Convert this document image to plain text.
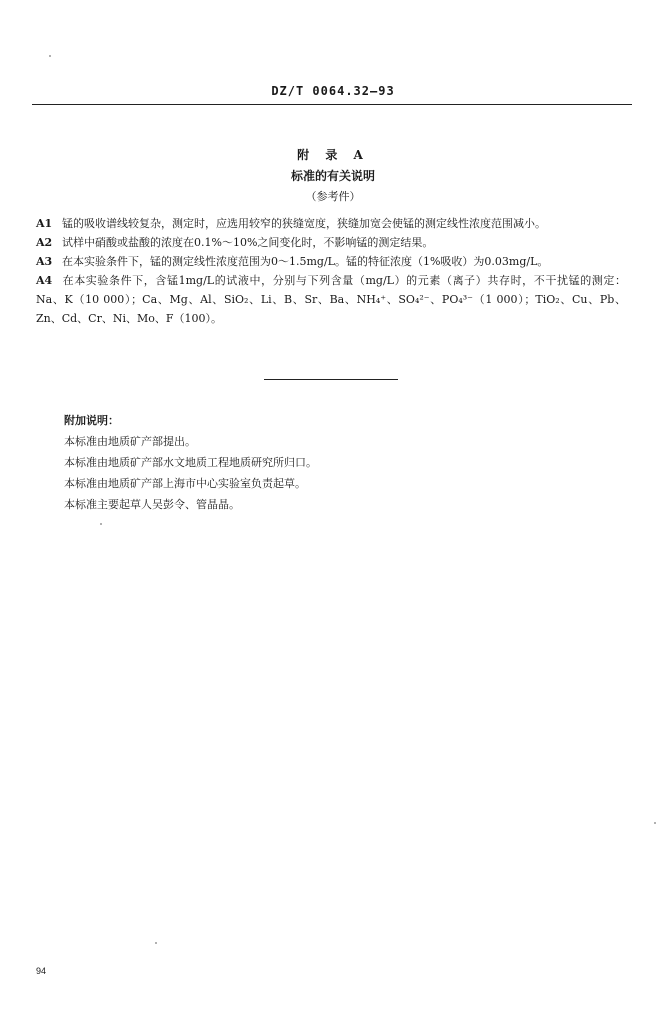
DZ/T 0064.32—93

附 录 A

标准的有关说明

（参考件）

A1 锰的吸收谱线较复杂，测定时，应选用较窄的狭缝宽度，狭缝加宽会使锰的测定线性浓度范围减小。

A2 试样中硝酸或盐酸的浓度在0.1%～10%之间变化时，不影响锰的测定结果。

A3 在本实验条件下，锰的测定线性浓度范围为0～1.5mg/L。锰的特征浓度（1%吸收）为0.03mg/L。

A4 在本实验条件下，含锰1mg/L的试液中，分别与下列含量（mg/L）的元素（离子）共存时，不干扰锰的测定：Na、K（10 000）；Ca、Mg、Al、SiO₂、Li、B、Sr、Ba、NH₄⁺、SO₄²⁻、PO₄³⁻（1 000）；TiO₂、Cu、Pb、Zn、Cd、Cr、Ni、Mo、F（100）。

附加说明：

本标准由地质矿产部提出。

本标准由地质矿产部水文地质工程地质研究所归口。

本标准由地质矿产部上海市中心实验室负责起草。

本标准主要起草人吴彭令、管晶晶。

94
